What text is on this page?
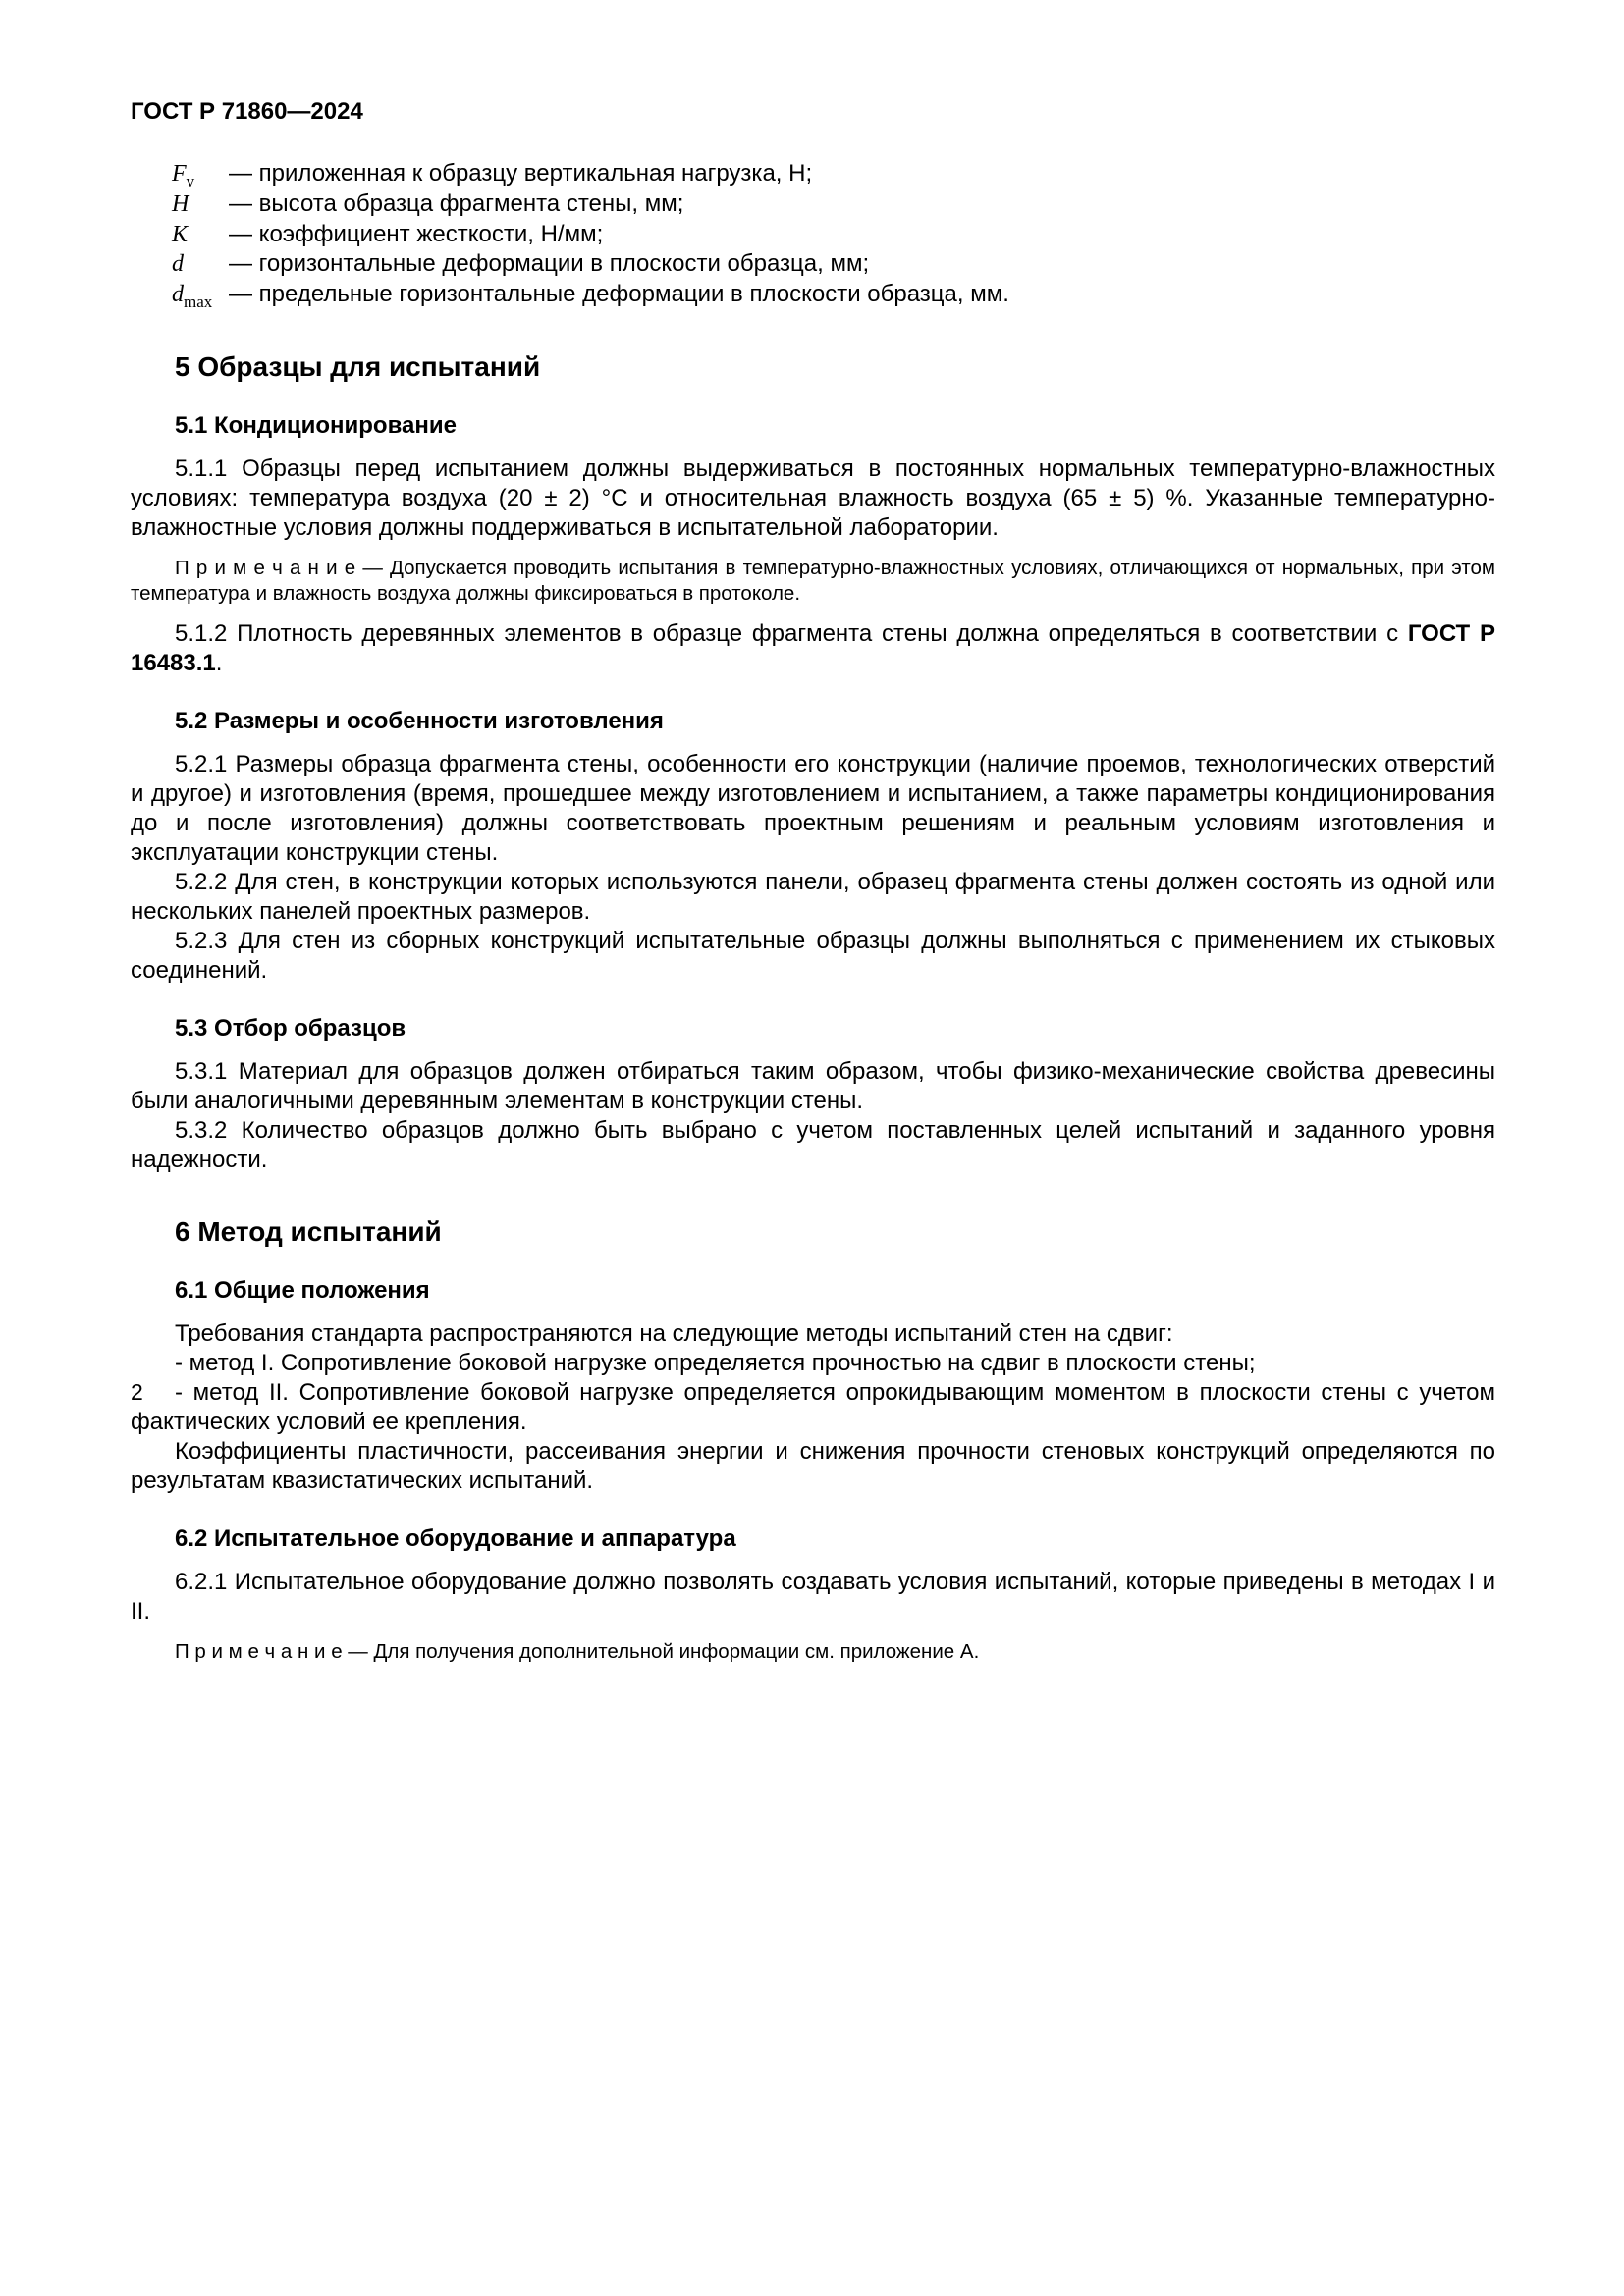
ГОСТ Р 71860—2024
$F_v$	— приложенная к образцу вертикальная нагрузка, Н;
H	— высота образца фрагмента стены, мм;
K	— коэффициент жесткости, Н/мм;
d	— горизонтальные деформации в плоскости образца, мм;
$d_{max}$ — предельные горизонтальные деформации в плоскости образца, мм.
5 Образцы для испытаний
5.1 Кондиционирование

5.1.1 Образцы перед испытанием должны выдерживаться в постоянных нормальных температурно-влажностных условиях: температура воздуха (20 ± 2) °С и относительная влажность воздуха (65 ± 5) %. Указанные температурно-влажностные условия должны поддерживаться в испытательной лаборатории.

П р и м е ч а н и е — Допускается проводить испытания в температурно-влажностных условиях, отличающихся от нормальных, при этом температура и влажность воздуха должны фиксироваться в протоколе.

5.1.2 Плотность деревянных элементов в образце фрагмента стены должна определяться в соответствии с ГОСТ Р 16483.1.

5.2 Размеры и особенности изготовления

5.2.1 Размеры образца фрагмента стены, особенности его конструкции (наличие проемов, технологических отверстий и другое) и изготовления (время, прошедшее между изготовлением и испытанием, а также параметры кондиционирования до и после изготовления) должны соответствовать проектным решениям и реальным условиям изготовления и эксплуатации конструкции стены.

5.2.2 Для стен, в конструкции которых используются панели, образец фрагмента стены должен состоять из одной или нескольких панелей проектных размеров.

5.2.3 Для стен из сборных конструкций испытательные образцы должны выполняться с применением их стыковых соединений.

5.3 Отбор образцов

5.3.1 Материал для образцов должен отбираться таким образом, чтобы физико-механические свойства древесины были аналогичными деревянным элементам в конструкции стены.

5.3.2 Количество образцов должно быть выбрано с учетом поставленных целей испытаний и заданного уровня надежности.

6 Метод испытаний
6.1 Общие положения

Требования стандарта распространяются на следующие методы испытаний стен на сдвиг:

- метод I. Сопротивление боковой нагрузке определяется прочностью на сдвиг в плоскости стены;

- метод II. Сопротивление боковой нагрузке определяется опрокидывающим моментом в плоскости стены с учетом фактических условий ее крепления.

Коэффициенты пластичности, рассеивания энергии и снижения прочности стеновых конструкций определяются по результатам квазистатических испытаний.

6.2 Испытательное оборудование и аппаратура

6.2.1 Испытательное оборудование должно позволять создавать условия испытаний, которые приведены в методах I и II.

П р и м е ч а н и е — Для получения дополнительной информации см. приложение А.

2
